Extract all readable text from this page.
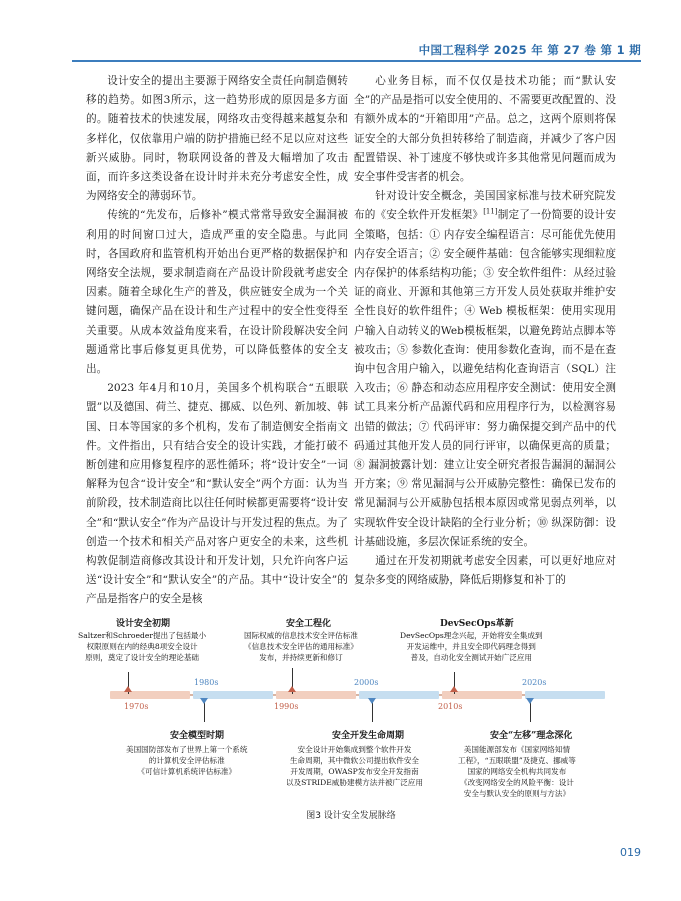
中国工程科学 2025 年 第 27 卷 第 1 期

设计安全的提出主要源于网络安全责任向制造侧转移的趋势。如图3所示，这一趋势形成的原因是多方面的。随着技术的快速发展，网络攻击变得越来越复杂和多样化，仅依靠用户端的防护措施已经不足以应对这些新兴威胁。同时，物联网设备的普及大幅增加了攻击面，而许多这类设备在设计时并未充分考虑安全性，成为网络安全的薄弱环节。

传统的“先发布，后修补”模式常常导致安全漏洞被利用的时间窗口过大，造成严重的安全隐患。与此同时，各国政府和监管机构开始出台更严格的数据保护和网络安全法规，要求制造商在产品设计阶段就考虑安全因素。随着全球化生产的普及，供应链安全成为一个关键问题，确保产品在设计和生产过程中的安全性变得至关重要。从成本效益角度来看，在设计阶段解决安全问题通常比事后修复更具优势，可以降低整体的安全支出。

2023 年4月和10月，美国多个机构联合“五眼联盟”以及德国、荷兰、捷克、挪威、以色列、新加坡、韩国、日本等国家的多个机构，发布了制造侧安全指南文件。文件指出，只有结合安全的设计实践，才能打破不断创建和应用修复程序的恶性循环；将“设计安全”一词解释为包含“设计安全”和“默认安全”两个方面：认为当前阶段，技术制造商比以往任何时候都更需要将“设计安全”和“默认安全”作为产品设计与开发过程的焦点。为了创造一个技术和相关产品对客户更安全的未来，这些机构敦促制造商修改其设计和开发计划，只允许向客户运送“设计安全”和“默认安全”的产品。其中“设计安全”的产品是指客户的安全是核

心业务目标，而不仅仅是技术功能；而“默认安全”的产品是指可以安全使用的、不需要更改配置的、没有额外成本的“开箱即用”产品。总之，这两个原则将保证安全的大部分负担转移给了制造商，并减少了客户因配置错误、补丁速度不够快或许多其他常见问题而成为安全事件受害者的机会。

针对设计安全概念，美国国家标准与技术研究院发布的《安全软件开发框架》[11]制定了一份简要的设计安全策略，包括：① 内存安全编程语言：尽可能优先使用内存安全语言；② 安全硬件基础：包含能够实现细粒度内存保护的体系结构功能；③ 安全软件组件：从经过验证的商业、开源和其他第三方开发人员处获取并维护安全性良好的软件组件；④ Web 模板框架：使用实现用户输入自动转义的Web模板框架，以避免跨站点脚本等被攻击；⑤ 参数化查询：使用参数化查询，而不是在查询中包含用户输入，以避免结构化查询语言（SQL）注入攻击；⑥ 静态和动态应用程序安全测试：使用安全测试工具来分析产品源代码和应用程序行为，以检测容易出错的做法；⑦ 代码评审：努力确保提交到产品中的代码通过其他开发人员的同行评审，以确保更高的质量；⑧ 漏洞披露计划：建立让安全研究者报告漏洞的漏洞公开方案；⑨ 常见漏洞与公开威胁完整性：确保已发布的常见漏洞与公开威胁包括根本原因或常见弱点列举，以实现软件安全设计缺陷的全行业分析；⑩ 纵深防御：设计基础设施，多层次保证系统的安全。

通过在开发初期就考虑安全因素，可以更好地应对复杂多变的网络威胁，降低后期修复和补丁的

设计安全初期
Saltzer和Schroeder提出了包括最小
权限原则在内的经典8项安全设计
原则，奠定了设计安全的理论基础
安全工程化
国际权威的信息技术安全评估标准
《信息技术安全评估的通用标准》
发布，并持续更新和修订
DevSecOps革新
DevSecOps理念兴起，开始将安全集成到
开发运维中，并且安全即代码理念得到
普及，自动化安全测试开始广泛应用
1970s
1980s
1990s
2000s
2010s
2020s
安全模型时期
美国国防部发布了世界上第一个系统
的计算机安全评估标准
《可信计算机系统评估标准》
安全开发生命周期
安全设计开始集成到整个软件开发
生命周期，其中微软公司提出软件安全
开发周期，OWASP发布安全开发指南
以及STRIDE威胁建模方法并被广泛应用
安全“左移”理念深化
美国能源部发布《国家网络知情
工程》，“五眼联盟”及捷克、挪威等
国家的网络安全机构共同发布
《改变网络安全的风险平衡：设计
安全与默认安全的原则与方法》
图3 设计安全发展脉络
019
